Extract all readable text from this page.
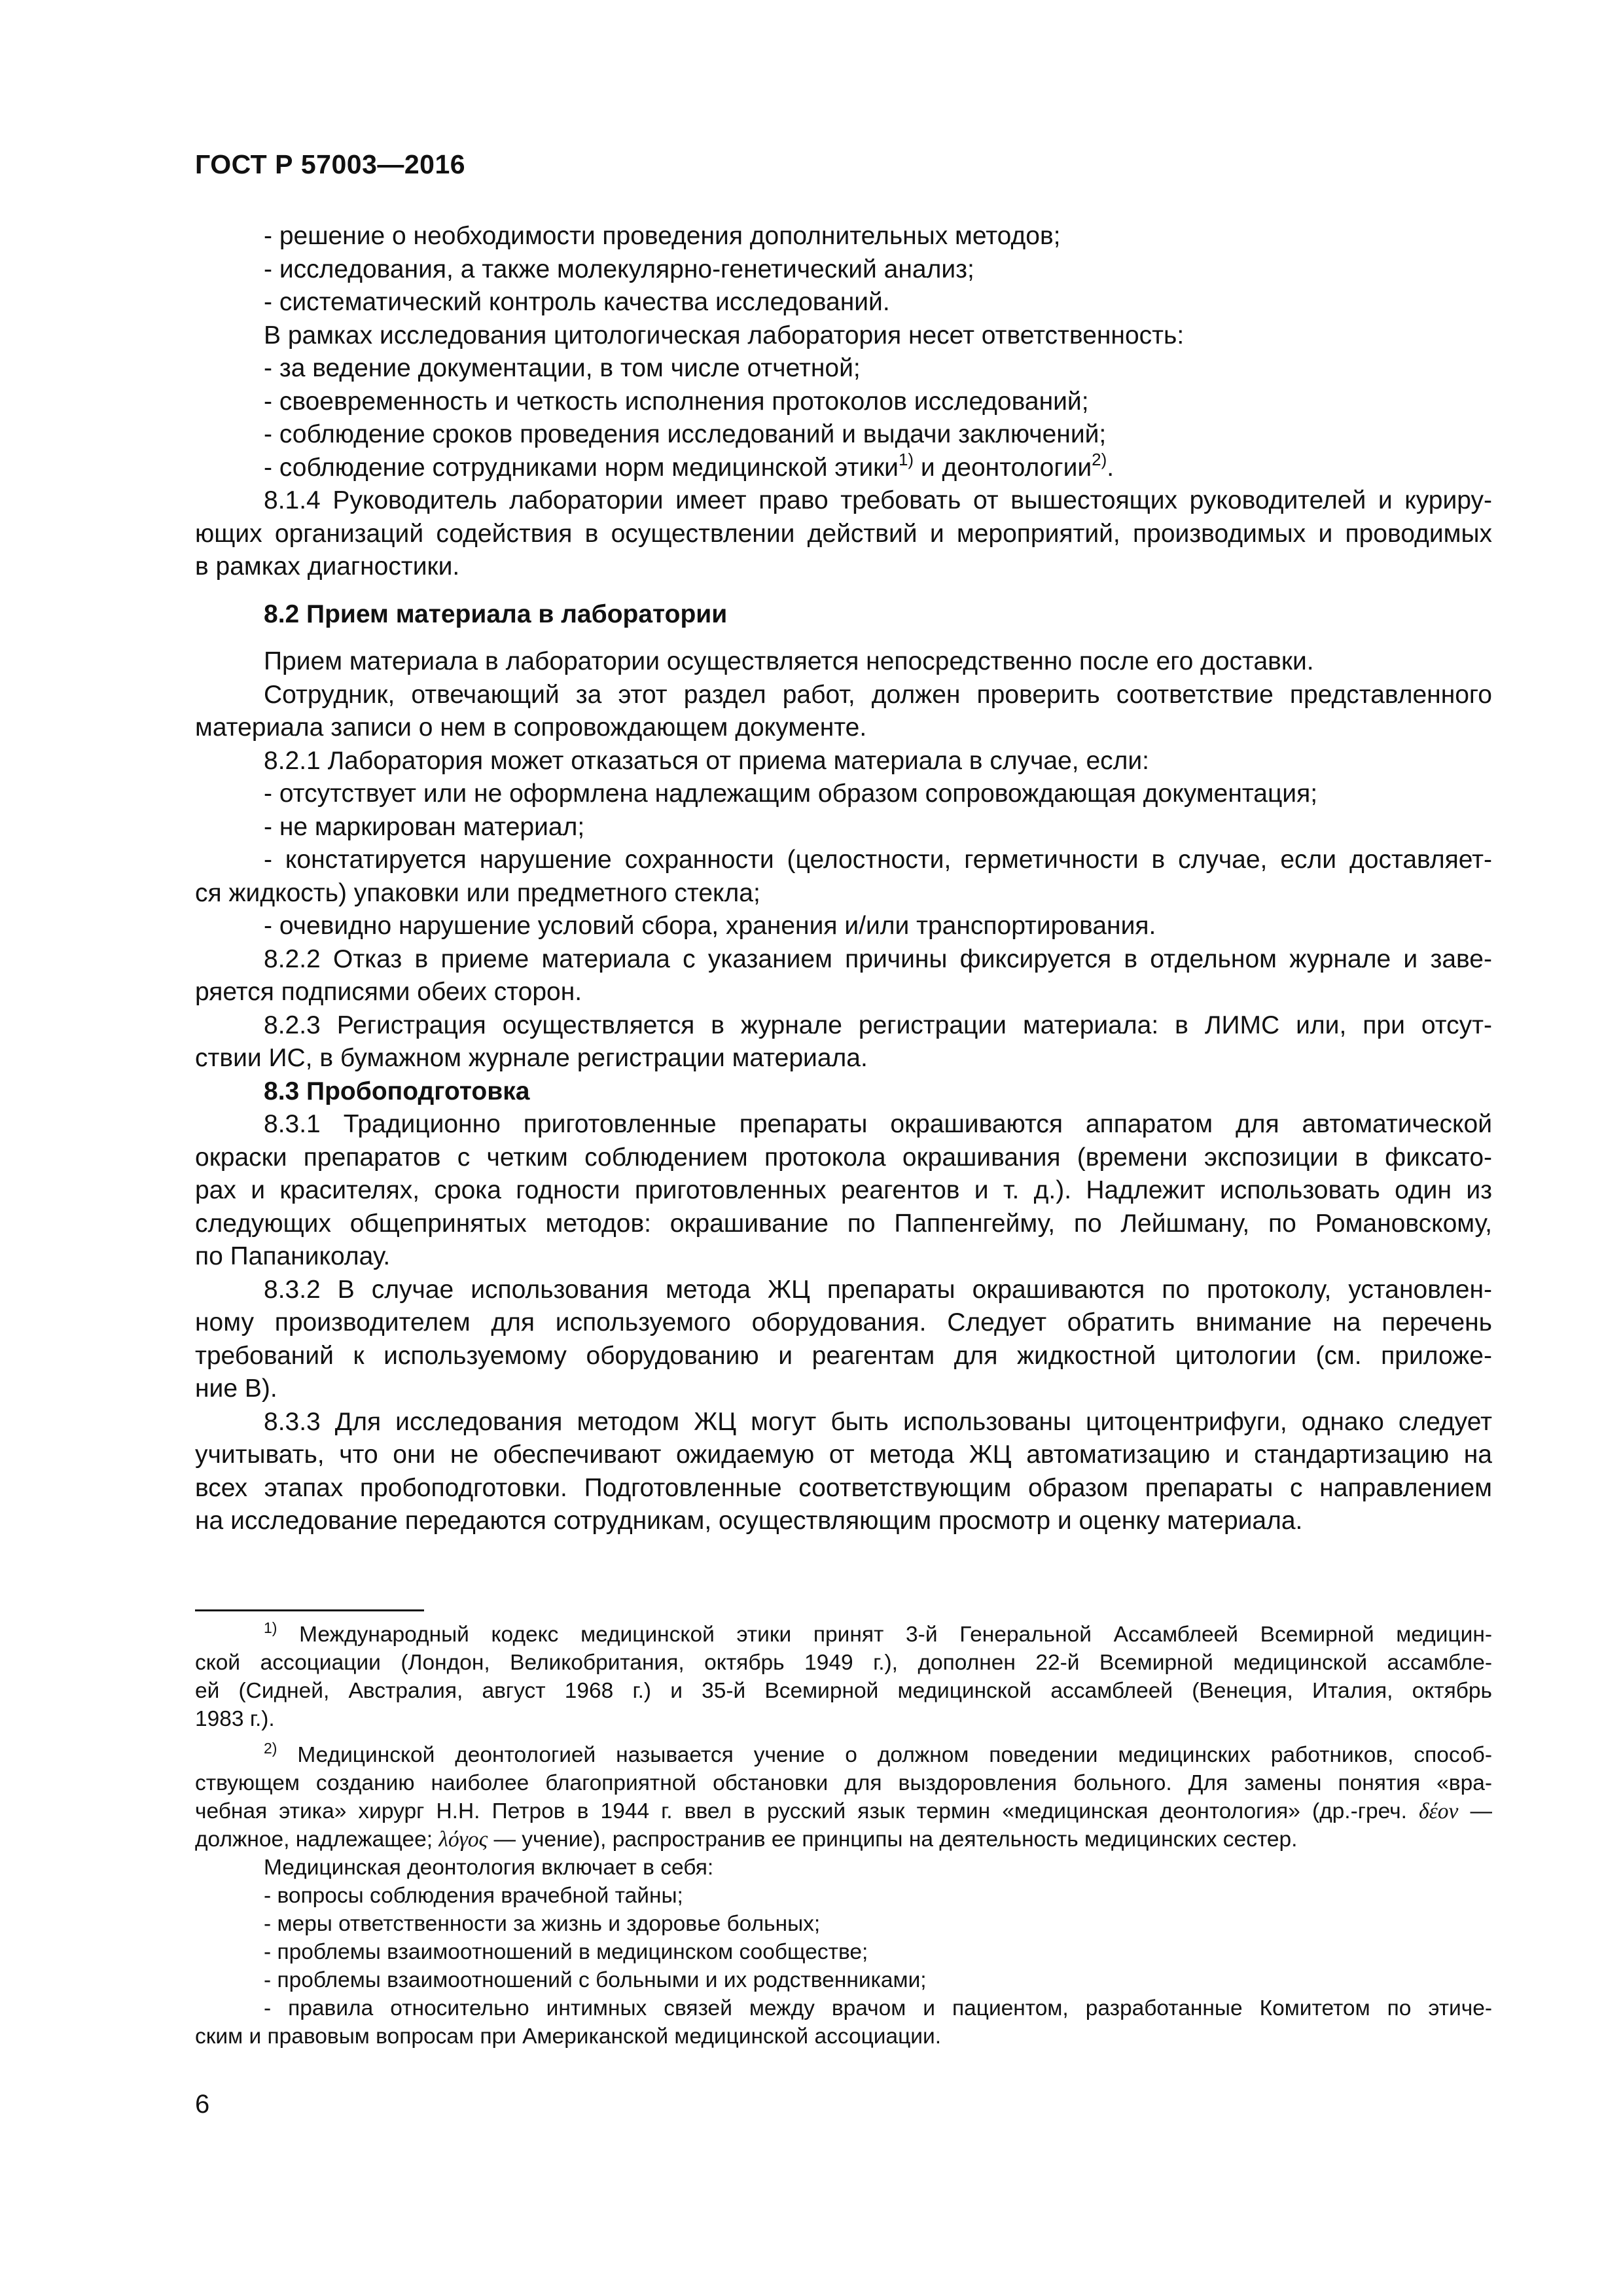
ГОСТ Р 57003—2016
- решение о необходимости проведения дополнительных методов;
- исследования, а также молекулярно-генетический анализ;
- систематический контроль качества исследований.
В рамках исследования цитологическая лаборатория несет ответственность:
- за ведение документации, в том числе отчетной;
- своевременность и четкость исполнения протоколов исследований;
- соблюдение сроков проведения исследований и выдачи заключений;
- соблюдение сотрудниками норм медицинской этики$^{1)}$ и деонтологии$^{2)}$.
8.1.4 Руководитель лаборатории имеет право требовать от вышестоящих руководителей и куриру-
ющих организаций содействия в осуществлении действий и мероприятий, производимых и проводимых
в рамках диагностики.
8.2 Прием материала в лаборатории
Прием материала в лаборатории осуществляется непосредственно после его доставки.
Сотрудник, отвечающий за этот раздел работ, должен проверить соответствие представленного
материала записи о нем в сопровождающем документе.
8.2.1 Лаборатория может отказаться от приема материала в случае, если:
- отсутствует или не оформлена надлежащим образом сопровождающая документация;
- не маркирован материал;
- констатируется нарушение сохранности (целостности, герметичности в случае, если доставляет-
ся жидкость) упаковки или предметного стекла;
- очевидно нарушение условий сбора, хранения и/или транспортирования.
8.2.2 Отказ в приеме материала с указанием причины фиксируется в отдельном журнале и заве-
ряется подписями обеих сторон.
8.2.3 Регистрация осуществляется в журнале регистрации материала: в ЛИМС или, при отсут-
ствии ИС, в бумажном журнале регистрации материала.
8.3 Пробоподготовка
8.3.1 Традиционно приготовленные препараты окрашиваются аппаратом для автоматической
окраски препаратов с четким соблюдением протокола окрашивания (времени экспозиции в фиксато-
рах и красителях, срока годности приготовленных реагентов и т. д.). Надлежит использовать один из
следующих общепринятых методов: окрашивание по Паппенгейму, по Лейшману, по Романовскому,
по Папаниколау.
8.3.2 В случае использования метода ЖЦ препараты окрашиваются по протоколу, установлен-
ному производителем для используемого оборудования. Следует обратить внимание на перечень
требований к используемому оборудованию и реагентам для жидкостной цитологии (см. приложе-
ние В).
8.3.3 Для исследования методом ЖЦ могут быть использованы цитоцентрифуги, однако следует
учитывать, что они не обеспечивают ожидаемую от метода ЖЦ автоматизацию и стандартизацию на
всех этапах пробоподготовки. Подготовленные соответствующим образом препараты с направлением
на исследование передаются сотрудникам, осуществляющим просмотр и оценку материала.
$^{1)}$ Международный кодекс медицинской этики принят 3-й Генеральной Ассамблеей Всемирной медицин-
ской ассоциации (Лондон, Великобритания, октябрь 1949 г.), дополнен 22-й Всемирной медицинской ассамбле-
ей (Сидней, Австралия, август 1968 г.) и 35-й Всемирной медицинской ассамблеей (Венеция, Италия, октябрь
1983 г.).
$^{2)}$ Медицинской деонтологией называется учение о должном поведении медицинских работников, способ-
ствующем созданию наиболее благоприятной обстановки для выздоровления больного. Для замены понятия «вра-
чебная этика» хирург Н.Н. Петров в 1944 г. ввел в русский язык термин «медицинская деонтология» (др.-греч. δέον —
должное, надлежащее; λόγος — учение), распространив ее принципы на деятельность медицинских сестер.
Медицинская деонтология включает в себя:
- вопросы соблюдения врачебной тайны;
- меры ответственности за жизнь и здоровье больных;
- проблемы взаимоотношений в медицинском сообществе;
- проблемы взаимоотношений с больными и их родственниками;
- правила относительно интимных связей между врачом и пациентом, разработанные Комитетом по этиче-
ским и правовым вопросам при Американской медицинской ассоциации.
6
